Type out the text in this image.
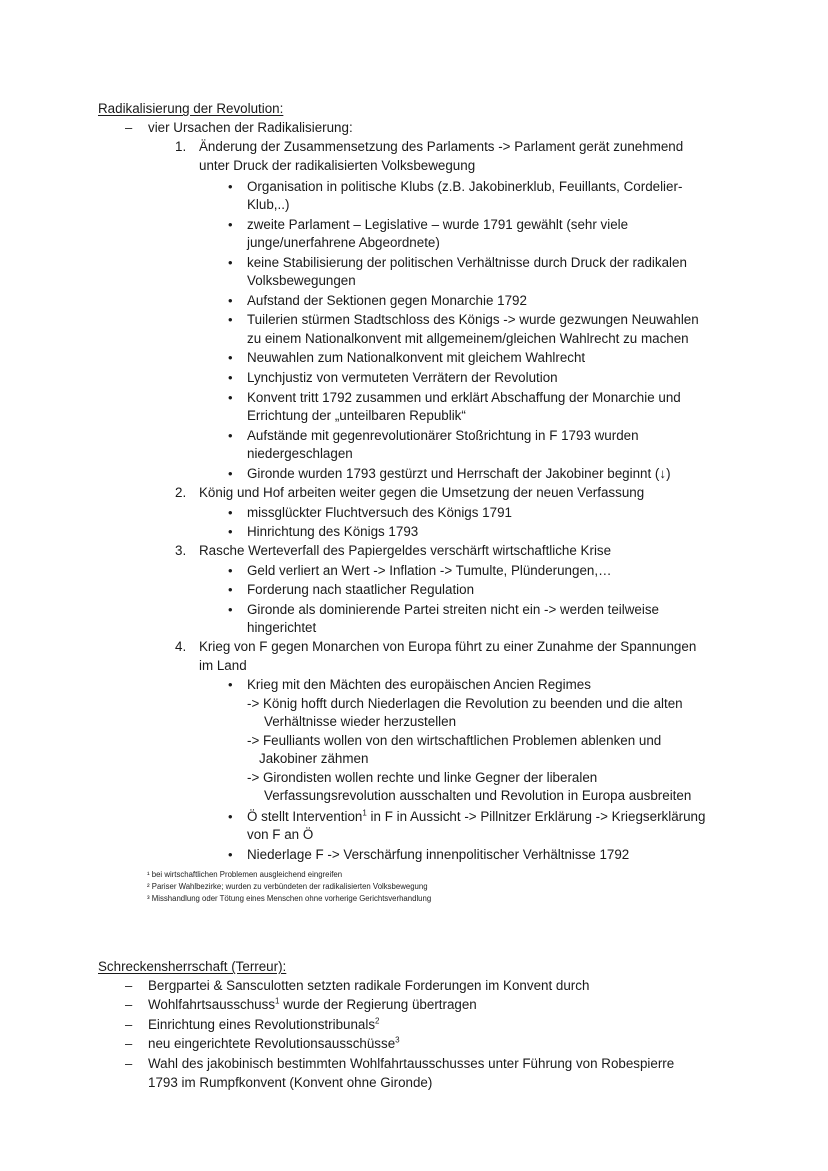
Radikalisierung der Revolution:
– vier Ursachen der Radikalisierung:
1. Änderung der Zusammensetzung des Parlaments -> Parlament gerät zunehmend
unter Druck der radikalisierten Volksbewegung
• Organisation in politische Klubs (z.B. Jakobinerklub, Feuillants, Cordelier-
Klub,..)
• zweite Parlament – Legislative – wurde 1791 gewählt (sehr viele
junge/unerfahrene Abgeordnete)
• keine Stabilisierung der politischen Verhältnisse durch Druck der radikalen
Volksbewegungen
• Aufstand der Sektionen gegen Monarchie 1792
• Tuilerien stürmen Stadtschloss des Königs -> wurde gezwungen Neuwahlen
zu einem Nationalkonvent mit allgemeinem/gleichen Wahlrecht zu machen
• Neuwahlen zum Nationalkonvent mit gleichem Wahlrecht
• Lynchjustiz von vermuteten Verrätern der Revolution
• Konvent tritt 1792 zusammen und erklärt Abschaffung der Monarchie und
Errichtung der „unteilbaren Republik“
• Aufstände mit gegenrevolutionärer Stoßrichtung in F 1793 wurden
niedergeschlagen
• Gironde wurden 1793 gestürzt und Herrschaft der Jakobiner beginnt (↓)
2. König und Hof arbeiten weiter gegen die Umsetzung der neuen Verfassung
• missglückter Fluchtversuch des Königs 1791
• Hinrichtung des Königs 1793
3. Rasche Werteverfall des Papiergeldes verschärft wirtschaftliche Krise
• Geld verliert an Wert -> Inflation -> Tumulte, Plünderungen,…
• Forderung nach staatlicher Regulation
• Gironde als dominierende Partei streiten nicht ein -> werden teilweise
hingerichtet
4. Krieg von F gegen Monarchen von Europa führt zu einer Zunahme der Spannungen
im Land
• Krieg mit den Mächten des europäischen Ancien Regimes
-> König hofft durch Niederlagen die Revolution zu beenden und die alten
Verhältnisse wieder herzustellen
-> Feulliants wollen von den wirtschaftlichen Problemen ablenken und
Jakobiner zähmen
-> Girondisten wollen rechte und linke Gegner der liberalen
Verfassungsrevolution ausschalten und Revolution in Europa ausbreiten
• Ö stellt Intervention$^1$ in F in Aussicht -> Pillnitzer Erklärung -> Kriegserklärung
von F an Ö
• Niederlage F -> Verschärfung innenpolitischer Verhältnisse 1792
¹ bei wirtschaftlichen Problemen ausgleichend eingreifen
² Pariser Wahlbezirke; wurden zu verbündeten der radikalisierten Volksbewegung
³ Misshandlung oder Tötung eines Menschen ohne vorherige Gerichtsverhandlung
Schreckensherrschaft (Terreur):
– Bergpartei & Sansculotten setzten radikale Forderungen im Konvent durch
– Wohlfahrtsausschuss$^1$ wurde der Regierung übertragen
– Einrichtung eines Revolutionstribunals$^2$
– neu eingerichtete Revolutionsausschüsse$^3$
– Wahl des jakobinisch bestimmten Wohlfahrtausschusses unter Führung von Robespierre
1793 im Rumpfkonvent (Konvent ohne Gironde)
